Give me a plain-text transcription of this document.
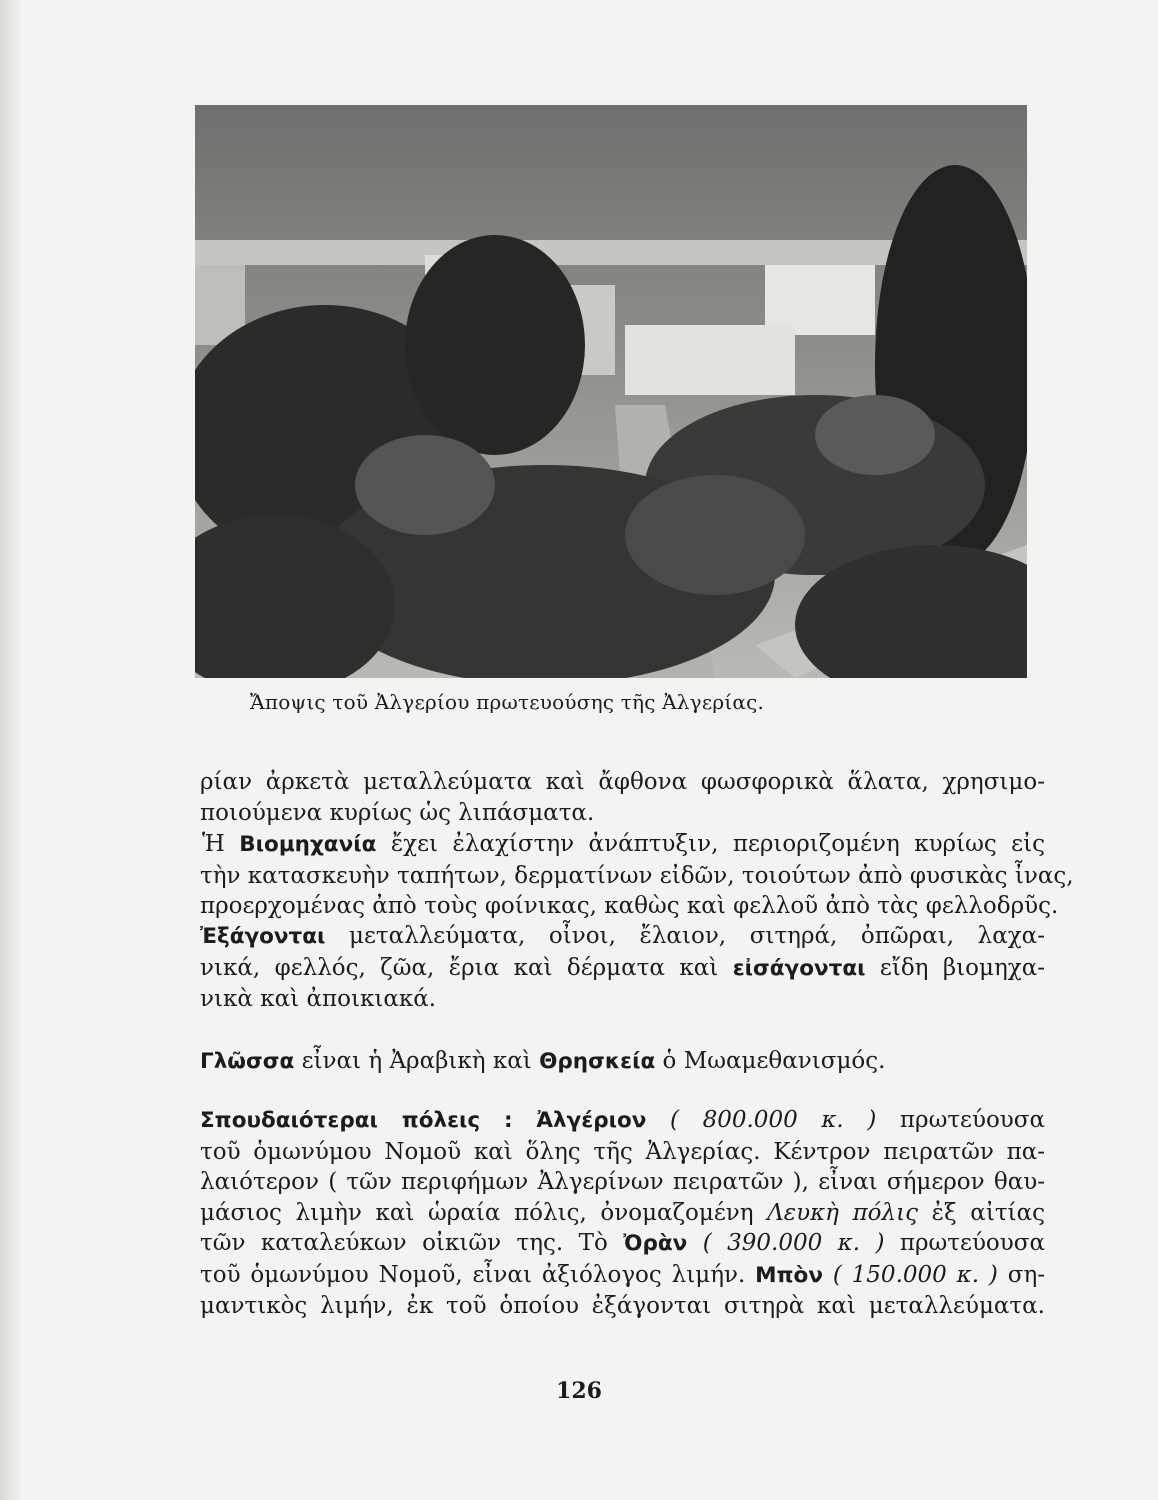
Ἄποψις τοῦ Ἀλγερίου πρωτευούσης τῆς Ἀλγερίας.
ρίαν ἀρκετὰ μεταλλεύματα καὶ ἄφθονα φωσφορικὰ ἅλατα, χρησιμο-
ποιούμενα κυρίως ὡς λιπάσματα.
Ἡ Βιομηχανία ἔχει ἐλαχίστην ἀνάπτυξιν, περιοριζομένη κυρίως εἰς
τὴν κατασκευὴν ταπήτων, δερματίνων εἰδῶν, τοιούτων ἀπὸ φυσικὰς ἶνας,
προερχομένας ἀπὸ τοὺς φοίνικας, καθὼς καὶ φελλοῦ ἀπὸ τὰς φελλοδρῦς.
Ἐξάγονται μεταλλεύματα, οἶνοι, ἔλαιον, σιτηρά, ὀπῶραι, λαχα-
νικά, φελλός, ζῶα, ἔρια καὶ δέρματα καὶ εἰσάγονται εἴδη βιομηχα-
νικὰ καὶ ἀποικιακά.
Γλῶσσα εἶναι ἡ Ἀραβικὴ καὶ Θρησκεία ὁ Μωαμεθανισμός.
Σπουδαιότεραι πόλεις : Ἀλγέριον ( 800.000 κ. ) πρωτεύουσα
τοῦ ὁμωνύμου Νομοῦ καὶ ὅλης τῆς Ἀλγερίας. Κέντρον πειρατῶν πα-
λαιότερον ( τῶν περιφήμων Ἀλγερίνων πειρατῶν ), εἶναι σήμερον θαυ-
μάσιος λιμὴν καὶ ὡραία πόλις, ὀνομαζομένη Λευκὴ πόλις ἐξ αἰτίας
τῶν καταλεύκων οἰκιῶν της. Τὸ Ὀρὰν ( 390.000 κ. ) πρωτεύουσα
τοῦ ὁμωνύμου Νομοῦ, εἶναι ἀξιόλογος λιμήν. Μπὸν ( 150.000 κ. ) ση-
μαντικὸς λιμήν, ἐκ τοῦ ὁποίου ἐξάγονται σιτηρὰ καὶ μεταλλεύματα.
126
